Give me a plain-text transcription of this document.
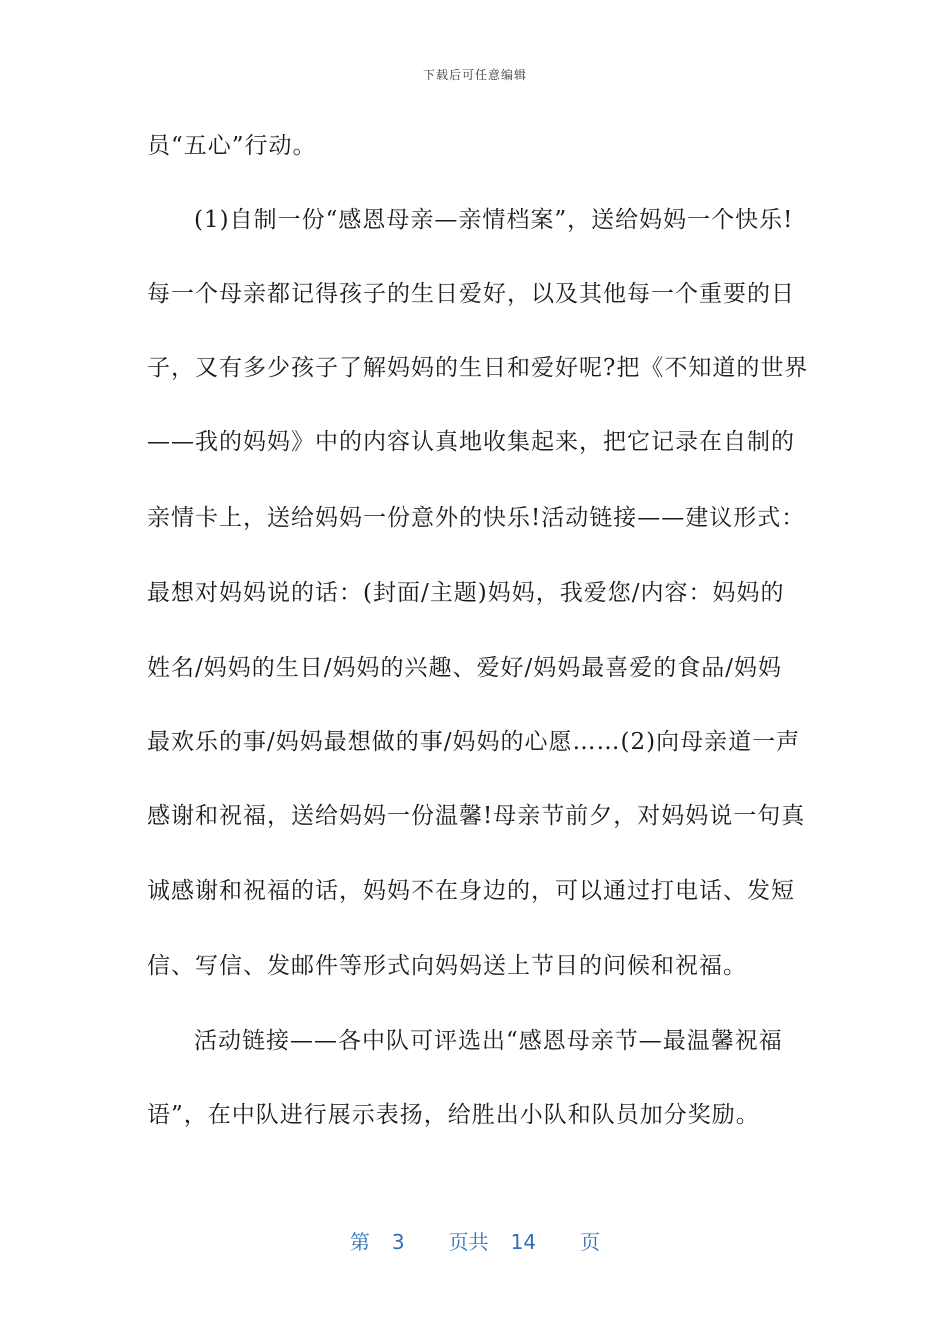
下载后可任意编辑
员“五心”行动。
(1)自制一份“感恩母亲—亲情档案”，送给妈妈一个快乐!
每一个母亲都记得孩子的生日爱好，以及其他每一个重要的日
子，又有多少孩子了解妈妈的生日和爱好呢?把《不知道的世界
——我的妈妈》中的内容认真地收集起来，把它记录在自制的
亲情卡上，送给妈妈一份意外的快乐!活动链接——建议形式：
最想对妈妈说的话：(封面/主题)妈妈，我爱您/内容：妈妈的
姓名/妈妈的生日/妈妈的兴趣、爱好/妈妈最喜爱的食品/妈妈
最欢乐的事/妈妈最想做的事/妈妈的心愿……(2)向母亲道一声
感谢和祝福，送给妈妈一份温馨!母亲节前夕，对妈妈说一句真
诚感谢和祝福的话，妈妈不在身边的，可以通过打电话、发短
信、写信、发邮件等形式向妈妈送上节目的问候和祝福。
活动链接——各中队可评选出“感恩母亲节—最温馨祝福
语”，在中队进行展示表扬，给胜出小队和队员加分奖励。
第 3 页共 14 页
